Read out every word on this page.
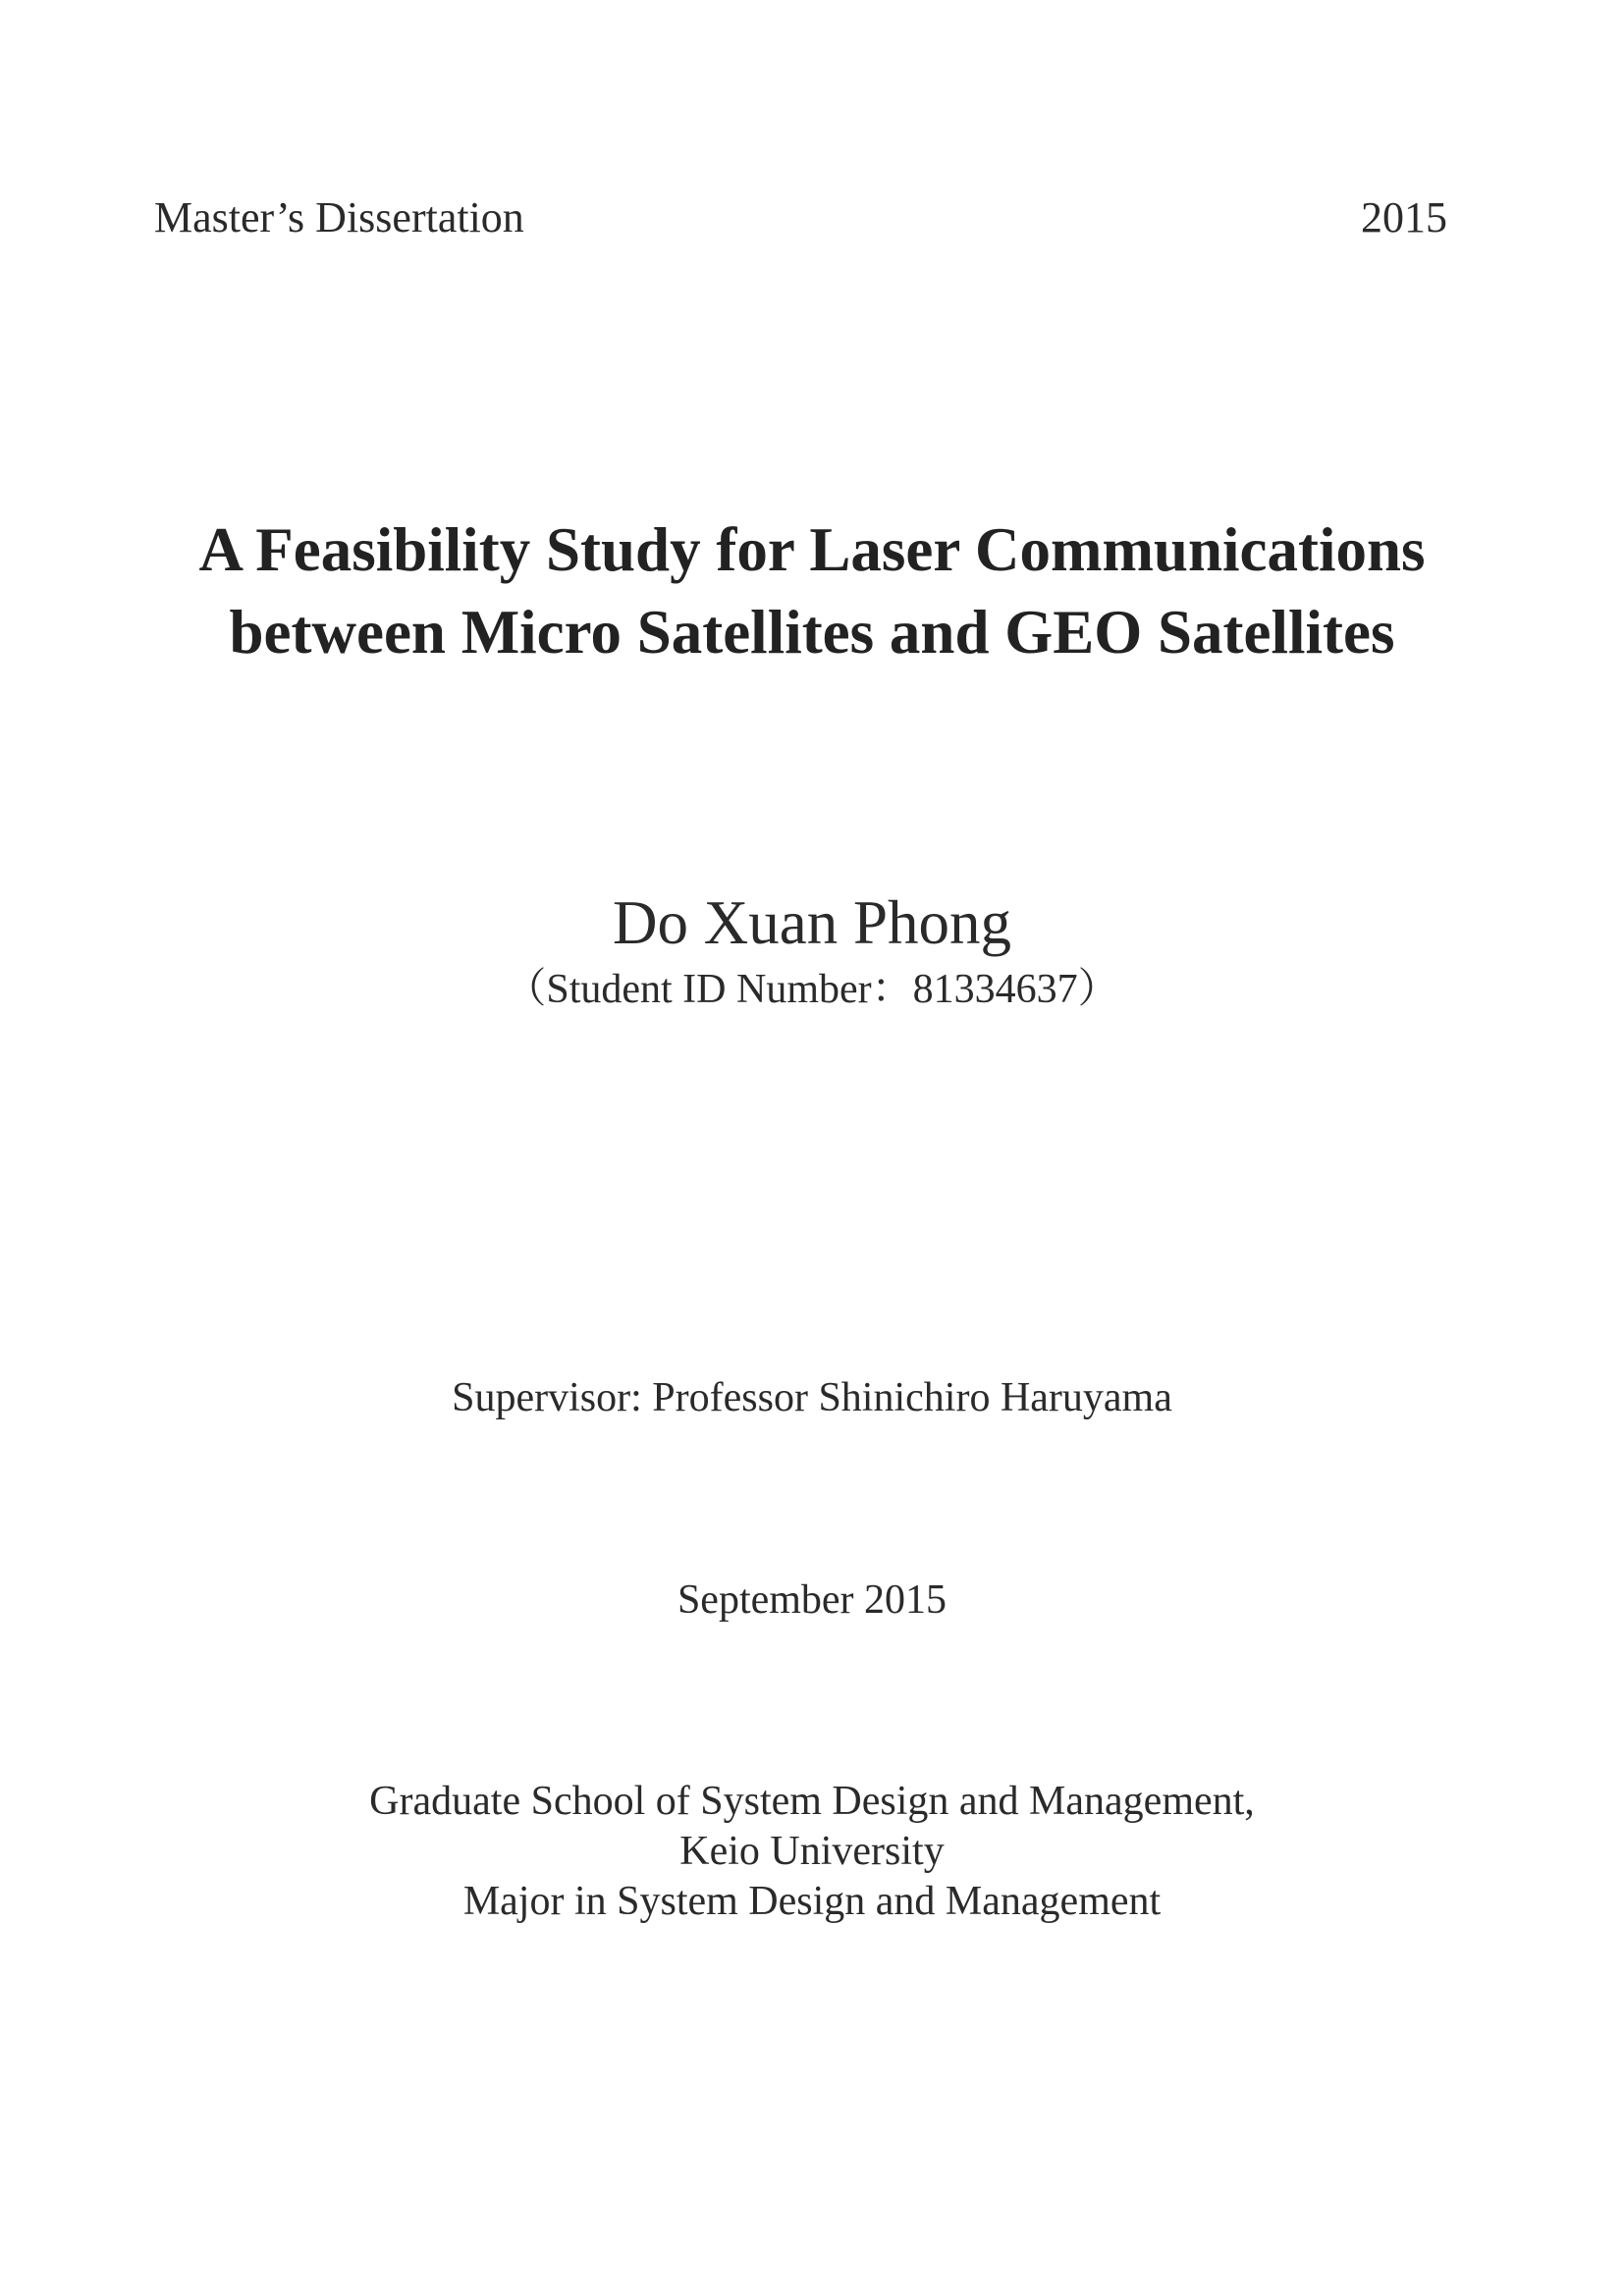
Master’s Dissertation	2015
A Feasibility Study for Laser Communications
between Micro Satellites and GEO Satellites
Do Xuan Phong
（Student ID Number：81334637）
Supervisor: Professor Shinichiro Haruyama
September 2015
Graduate School of System Design and Management,
Keio University
Major in System Design and Management
